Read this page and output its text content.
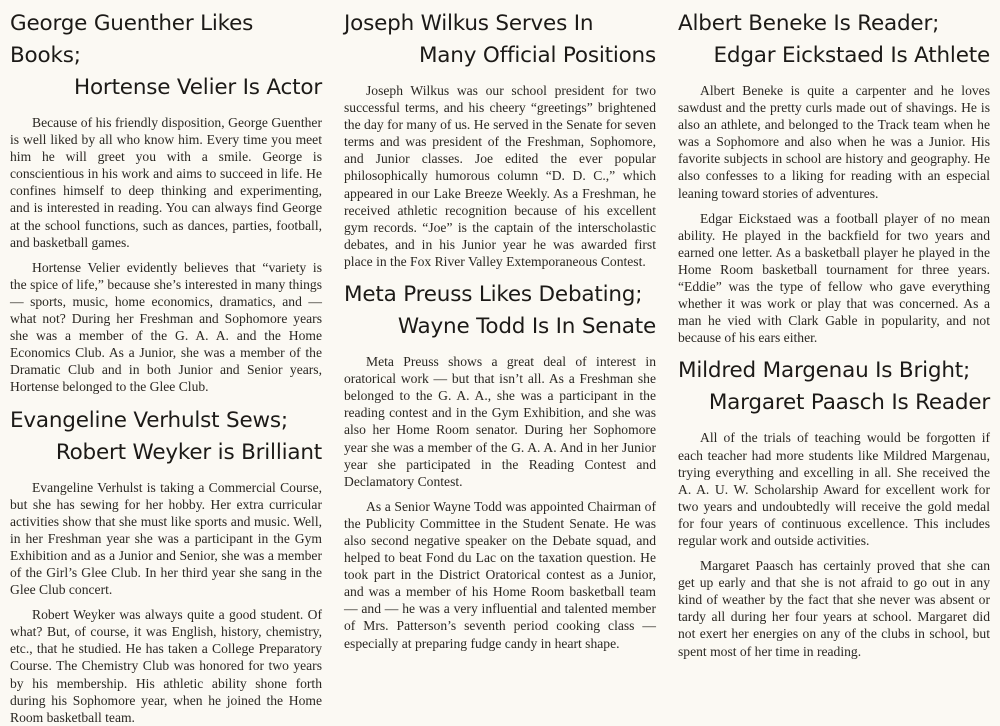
George Guenther Likes Books;
Hortense Velier Is Actor

Because of his friendly disposition, George Guenther is well liked by all who know him. Every time you meet him he will greet you with a smile. George is conscientious in his work and aims to succeed in life. He confines himself to deep thinking and experimenting, and is interested in reading. You can always find George at the school functions, such as dances, parties, football, and basketball games.

Hortense Velier evidently believes that “variety is the spice of life,” because she’s interested in many things — sports, music, home economics, dramatics, and — what not? During her Freshman and Sophomore years she was a member of the G. A. A. and the Home Economics Club. As a Junior, she was a member of the Dramatic Club and in both Junior and Senior years, Hortense belonged to the Glee Club.

Evangeline Verhulst Sews;
Robert Weyker is Brilliant

Evangeline Verhulst is taking a Commercial Course, but she has sewing for her hobby. Her extra curricular activities show that she must like sports and music. Well, in her Freshman year she was a participant in the Gym Exhibition and as a Junior and Senior, she was a member of the Girl’s Glee Club. In her third year she sang in the Glee Club concert.

Robert Weyker was always quite a good student. Of what? But, of course, it was English, history, chemistry, etc., that he studied. He has taken a College Preparatory Course. The Chemistry Club was honored for two years by his membership. His athletic ability shone forth during his Sophomore year, when he joined the Home Room basketball team.

Joseph Wilkus Serves In
Many Official Positions

Joseph Wilkus was our school president for two successful terms, and his cheery “greetings” brightened the day for many of us. He served in the Senate for seven terms and was president of the Freshman, Sophomore, and Junior classes. Joe edited the ever popular philosophically humorous column “D. D. C.,” which appeared in our Lake Breeze Weekly. As a Freshman, he received athletic recognition because of his excellent gym records. “Joe” is the captain of the interscholastic debates, and in his Junior year he was awarded first place in the Fox River Valley Extemporaneous Contest.

Meta Preuss Likes Debating;
Wayne Todd Is In Senate

Meta Preuss shows a great deal of interest in oratorical work — but that isn’t all. As a Freshman she belonged to the G. A. A., she was a participant in the reading contest and in the Gym Exhibition, and she was also her Home Room senator. During her Sophomore year she was a member of the G. A. A. And in her Junior year she participated in the Reading Contest and Declamatory Contest.

As a Senior Wayne Todd was appointed Chairman of the Publicity Committee in the Student Senate. He was also second negative speaker on the Debate squad, and helped to beat Fond du Lac on the taxation question. He took part in the District Oratorical contest as a Junior, and was a member of his Home Room basketball team — and — he was a very influential and talented member of Mrs. Patterson’s seventh period cooking class — especially at preparing fudge candy in heart shape.

Albert Beneke Is Reader;
Edgar Eickstaed Is Athlete

Albert Beneke is quite a carpenter and he loves sawdust and the pretty curls made out of shavings. He is also an athlete, and belonged to the Track team when he was a Sophomore and also when he was a Junior. His favorite subjects in school are history and geography. He also confesses to a liking for reading with an especial leaning toward stories of adventures.

Edgar Eickstaed was a football player of no mean ability. He played in the backfield for two years and earned one letter. As a basketball player he played in the Home Room basketball tournament for three years. “Eddie” was the type of fellow who gave everything whether it was work or play that was concerned. As a man he vied with Clark Gable in popularity, and not because of his ears either.

Mildred Margenau Is Bright;
Margaret Paasch Is Reader

All of the trials of teaching would be forgotten if each teacher had more students like Mildred Margenau, trying everything and excelling in all. She received the A. A. U. W. Scholarship Award for excellent work for two years and undoubtedly will receive the gold medal for four years of continuous excellence. This includes regular work and outside activities.

Margaret Paasch has certainly proved that she can get up early and that she is not afraid to go out in any kind of weather by the fact that she never was absent or tardy all during her four years at school. Margaret did not exert her energies on any of the clubs in school, but spent most of her time in reading.
